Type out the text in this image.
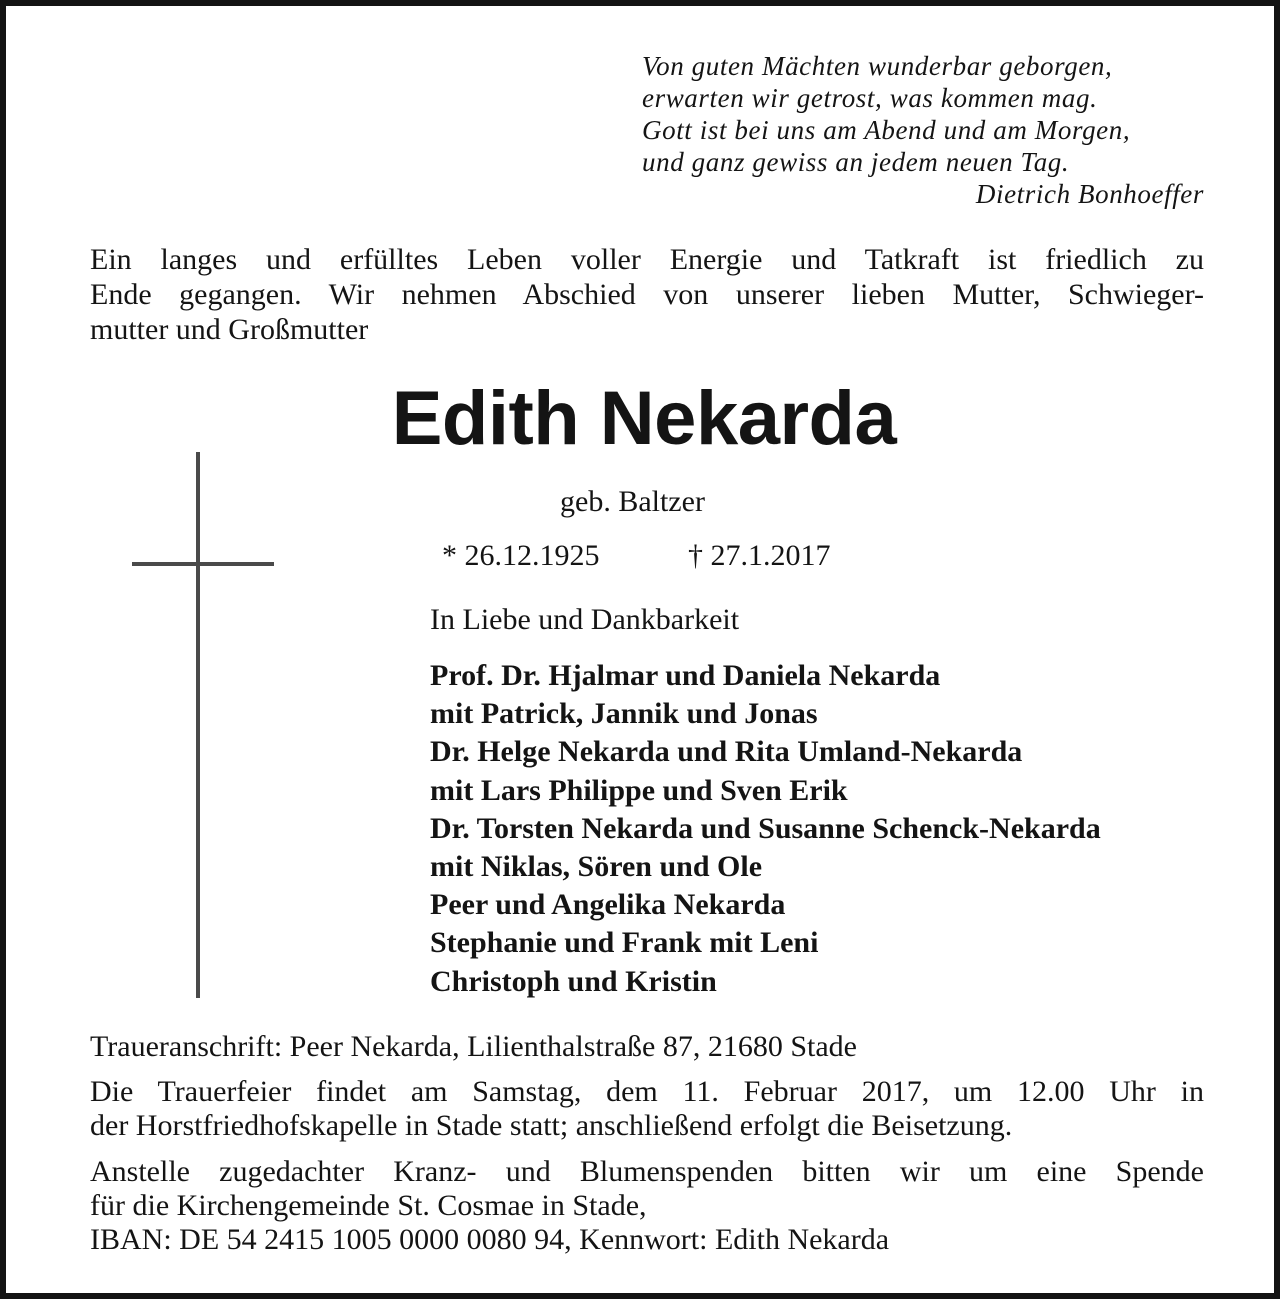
Von guten Mächten wunderbar geborgen,
erwarten wir getrost, was kommen mag.
Gott ist bei uns am Abend und am Morgen,
und ganz gewiss an jedem neuen Tag.
Dietrich Bonhoeffer
Ein langes und erfülltes Leben voller Energie und Tatkraft ist friedlich zu
Ende gegangen. Wir nehmen Abschied von unserer lieben Mutter, Schwieger-
mutter und Großmutter
Edith Nekarda
geb. Baltzer
* 26.12.1925	† 27.1.2017
In Liebe und Dankbarkeit
Prof. Dr. Hjalmar und Daniela Nekarda
mit Patrick, Jannik und Jonas
Dr. Helge Nekarda und Rita Umland-Nekarda
mit Lars Philippe und Sven Erik
Dr. Torsten Nekarda und Susanne Schenck-Nekarda
mit Niklas, Sören und Ole
Peer und Angelika Nekarda
Stephanie und Frank mit Leni
Christoph und Kristin
Traueranschrift: Peer Nekarda, Lilienthalstraße 87, 21680 Stade
Die Trauerfeier findet am Samstag, dem 11. Februar 2017, um 12.00 Uhr in
der Horstfriedhofskapelle in Stade statt; anschließend erfolgt die Beisetzung.
Anstelle zugedachter Kranz- und Blumenspenden bitten wir um eine Spende
für die Kirchengemeinde St. Cosmae in Stade,
IBAN: DE 54 2415 1005 0000 0080 94, Kennwort: Edith Nekarda
